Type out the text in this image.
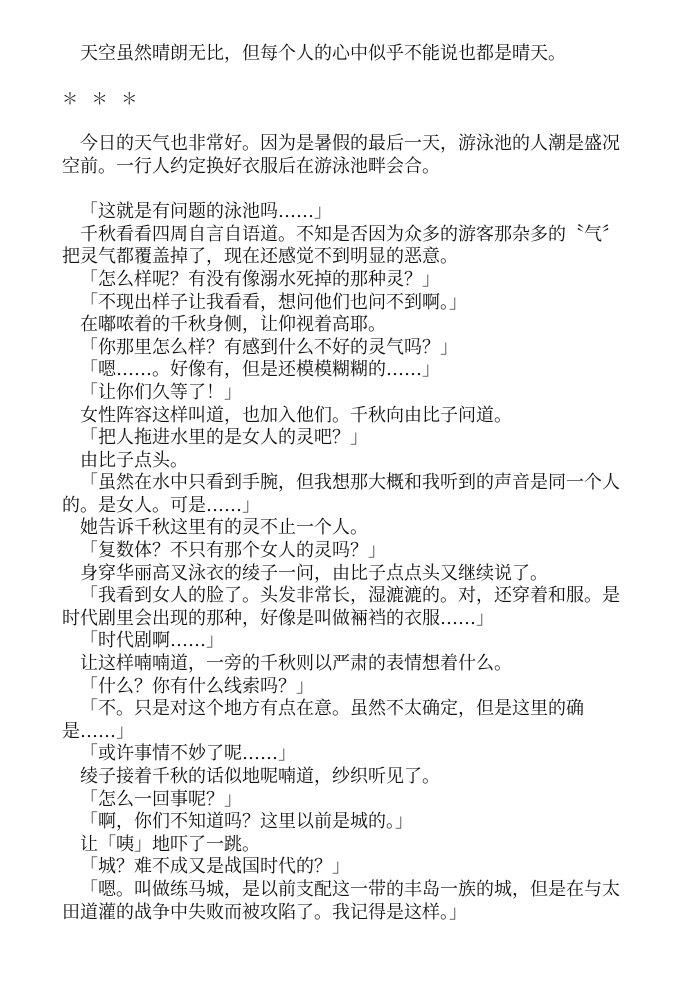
天空虽然晴朗无比，但每个人的心中似乎不能说也都是晴天。

＊ ＊ ＊

今日的天气也非常好。因为是暑假的最后一天，游泳池的人潮是盛况空前。一行人约定换好衣服后在游泳池畔会合。

「这就是有问题的泳池吗……」

千秋看看四周自言自语道。不知是否因为众多的游客那杂多的〝气〞把灵气都覆盖掉了，现在还感觉不到明显的恶意。

「怎么样呢？有没有像溺水死掉的那种灵？」

「不现出样子让我看看，想问他们也问不到啊。」

在嘟哝着的千秋身侧，让仰视着高耶。

「你那里怎么样？有感到什么不好的灵气吗？」

「嗯……。好像有，但是还模模糊糊的……」

「让你们久等了！」

女性阵容这样叫道，也加入他们。千秋向由比子问道。

「把人拖进水里的是女人的灵吧？」

由比子点头。

「虽然在水中只看到手腕，但我想那大概和我听到的声音是同一个人的。是女人。可是……」

她告诉千秋这里有的灵不止一个人。

「复数体？不只有那个女人的灵吗？」

身穿华丽高叉泳衣的绫子一问，由比子点点头又继续说了。

「我看到女人的脸了。头发非常长，湿漉漉的。对，还穿着和服。是时代剧里会出现的那种，好像是叫做裲裆的衣服……」

「时代剧啊……」

让这样喃喃道，一旁的千秋则以严肃的表情想着什么。

「什么？你有什么线索吗？」

「不。只是对这个地方有点在意。虽然不太确定，但是这里的确是……」

「或许事情不妙了呢……」

绫子接着千秋的话似地呢喃道，纱织听见了。

「怎么一回事呢？」

「啊，你们不知道吗？这里以前是城的。」

让「咦」地吓了一跳。

「城？难不成又是战国时代的？」

「嗯。叫做练马城，是以前支配这一带的丰岛一族的城，但是在与太田道灌的战争中失败而被攻陷了。我记得是这样。」
